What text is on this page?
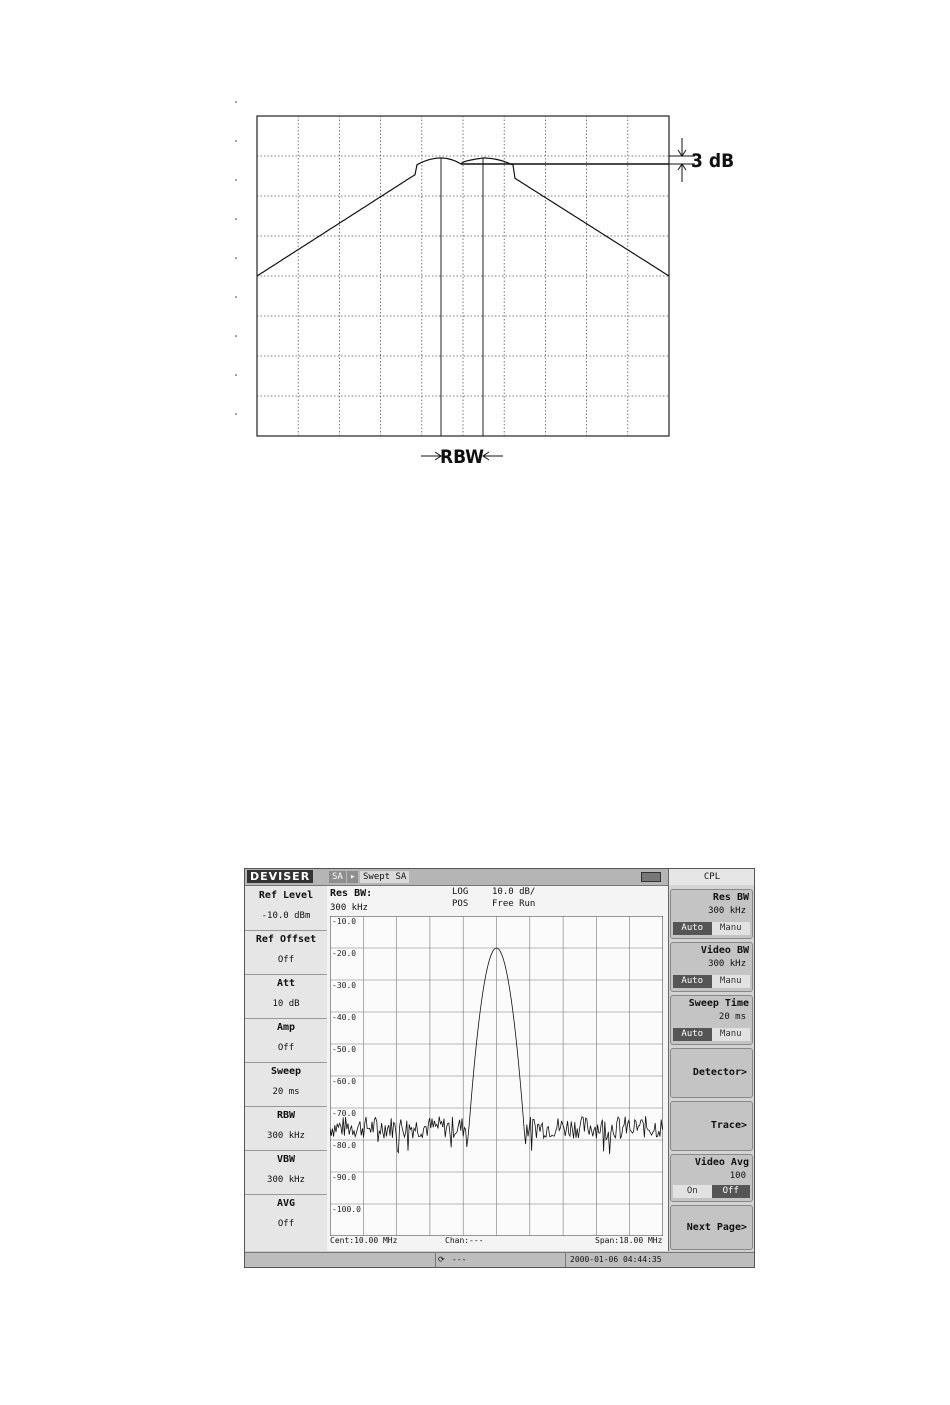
3 dB
RBW
DEVISER	SA ▸ Swept SA
Ref Level
-10.0 dBm
Ref Offset
Off
Att
10 dB
Amp
Off
Sweep
20 ms
RBW
300 kHz
VBW
300 kHz
AVG
Off
Res BW:
300 kHz
LOG
POS
10.0 dB/
Free Run
-10.0
-20.0
-30.0
-40.0
-50.0
-60.0
-70.0
-80.0
-90.0
-100.0
Cent:10.00 MHz	Chan:---	Span:18.00 MHz
CPL
Res BW
300 kHz
Auto	Manu
Video BW
300 kHz
Auto	Manu
Sweep Time
20 ms
Auto	Manu
Detector>
Trace>
Video Avg
100
On	Off
Next Page>
⟳ ---	2000-01-06 04:44:35
